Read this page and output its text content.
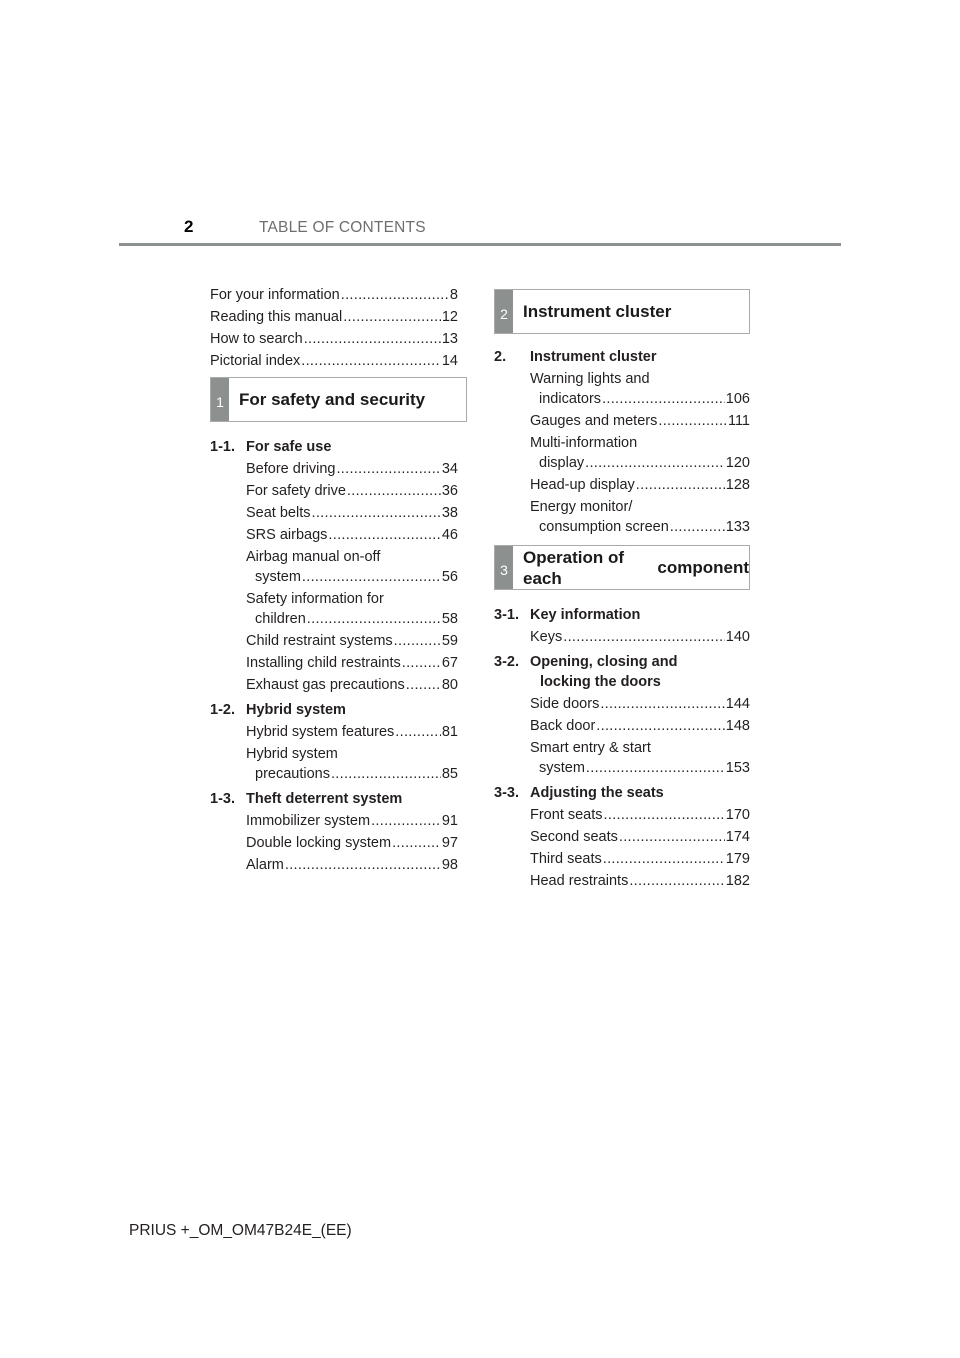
2	TABLE OF CONTENTS
For your information .....	8
Reading this manual .....	12
How to search .....	13
Pictorial index .....	14
1 For safety and security
1-1. For safe use
Before driving .....	34
For safety drive .....	36
Seat belts .....	38
SRS airbags .....	46
Airbag manual on-off
system .....	56
Safety information for
children .....	58
Child restraint systems .....	59
Installing child restraints .....	67
Exhaust gas precautions .....	80
1-2. Hybrid system
Hybrid system features .....	81
Hybrid system
precautions .....	85
1-3. Theft deterrent system
Immobilizer system .....	91
Double locking system .....	97
Alarm .....	98
2 Instrument cluster
2.	Instrument cluster
Warning lights and
indicators .....	106
Gauges and meters .....	111
Multi-information
display .....	120
Head-up display .....	128
Energy monitor/
consumption screen .....	133
3
Operation of each

component
3-1. Key information
Keys .....	140
3-2. Opening, closing and
locking the doors
Side doors .....	144
Back door .....	148
Smart entry & start
system .....	153
3-3. Adjusting the seats
Front seats .....	170
Second seats .....	174
Third seats .....	179
Head restraints .....	182
PRIUS +_OM_OM47B24E_(EE)
